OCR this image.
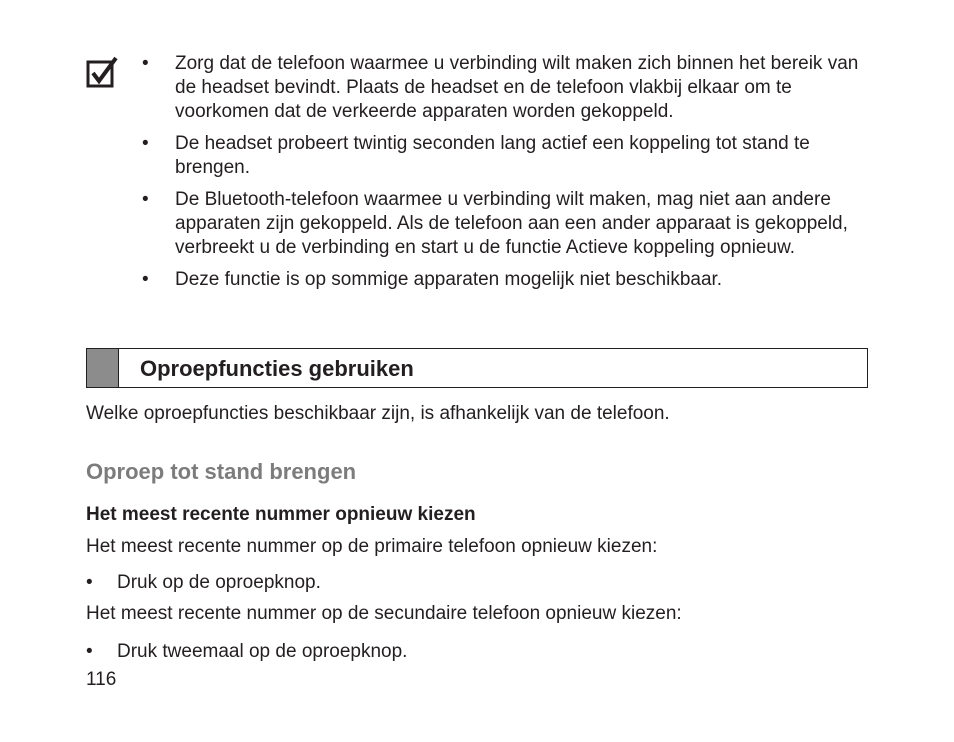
• Zorg dat de telefoon waarmee u verbinding wilt maken zich binnen het bereik van de headset bevindt. Plaats de headset en de telefoon vlakbij elkaar om te voorkomen dat de verkeerde apparaten worden gekoppeld.
• De headset probeert twintig seconden lang actief een koppeling tot stand te brengen.
• De Bluetooth-telefoon waarmee u verbinding wilt maken, mag niet aan andere apparaten zijn gekoppeld. Als de telefoon aan een ander apparaat is gekoppeld, verbreekt u de verbinding en start u de functie Actieve koppeling opnieuw.
• Deze functie is op sommige apparaten mogelijk niet beschikbaar.
Oproepfuncties gebruiken
Welke oproepfuncties beschikbaar zijn, is afhankelijk van de telefoon.
Oproep tot stand brengen
Het meest recente nummer opnieuw kiezen
Het meest recente nummer op de primaire telefoon opnieuw kiezen:
• Druk op de oproepknop.
Het meest recente nummer op de secundaire telefoon opnieuw kiezen:
• Druk tweemaal op de oproepknop.
116
